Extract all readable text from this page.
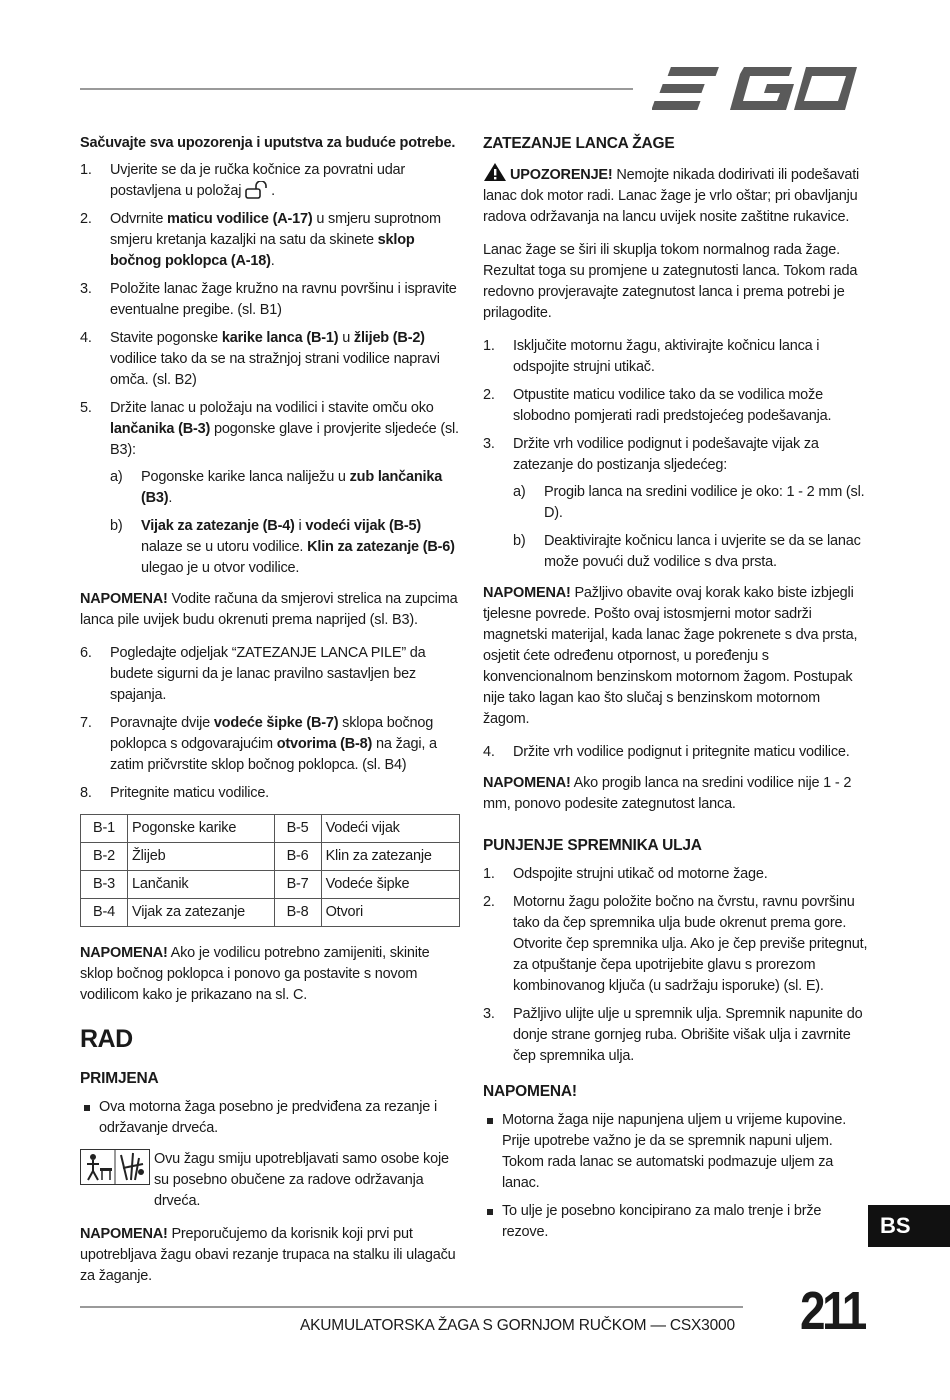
Sačuvajte sva upozorenja i uputstva za buduće potrebe.

1. Uvjerite se da je ručka kočnice za povratni udar postavljena u položaj .
2. Odvrnite maticu vodilice (A-17) u smjeru suprotnom smjeru kretanja kazaljki na satu da skinete sklop bočnog poklopca (A-18).
3. Položite lanac žage kružno na ravnu površinu i ispravite eventualne pregibe. (sl. B1)
4. Stavite pogonske karike lanca (B-1) u žlijeb (B-2) vodilice tako da se na stražnjoj strani vodilice napravi omča. (sl. B2)
5. Držite lanac u položaju na vodilici i stavite omču oko lančanika (B-3) pogonske glave i provjerite sljedeće (sl. B3):
a) Pogonske karike lanca naliježu u zub lančanika (B3).
b) Vijak za zatezanje (B-4) i vodeći vijak (B-5) nalaze se u utoru vodilice. Klin za zatezanje (B-6) ulegao je u otvor vodilice.

NAPOMENA! Vodite računa da smjerovi strelica na zupcima lanca pile uvijek budu okrenuti prema naprijed (sl. B3).

6. Pogledajte odjeljak “ZATEZANJE LANCA PILE” da budete sigurni da je lanac pravilno sastavljen bez spajanja.
7. Poravnajte dvije vodeće šipke (B-7) sklopa bočnog poklopca s odgovarajućim otvorima (B-8) na žagi, a zatim pričvrstite sklop bočnog poklopca. (sl. B4)
8. Pritegnite maticu vodilice.
B-1	Pogonske karike	B-5	Vodeći vijak
B-2	Žlijeb	B-6	Klin za zatezanje
B-3	Lančanik	B-7	Vodeće šipke
B-4	Vijak za zatezanje	B-8	Otvori

NAPOMENA! Ako je vodilicu potrebno zamijeniti, skinite sklop bočnog poklopca i ponovo ga postavite s novom vodilicom kako je prikazano na sl. C.

RAD
PRIMJENA
Ova motorna žaga posebno je predviđena za rezanje i održavanje drveća.
Ovu žagu smiju upotrebljavati samo osobe koje su posebno obučene za radove održavanja drveća.

NAPOMENA! Preporučujemo da korisnik koji prvi put upotrebljava žagu obavi rezanje trupaca na stalku ili ulagaču za žaganje.

ZATEZANJE LANCA ŽAGE
UPOZORENJE! Nemojte nikada dodirivati ili podešavati lanac dok motor radi. Lanac žage je vrlo oštar; pri obavljanju radova održavanja na lancu uvijek nosite zaštitne rukavice.

Lanac žage se širi ili skuplja tokom normalnog rada žage. Rezultat toga su promjene u zategnutosti lanca. Tokom rada redovno provjeravajte zategnutost lanca i prema potrebi je prilagodite.

1. Isključite motornu žagu, aktivirajte kočnicu lanca i odspojite strujni utikač.
2. Otpustite maticu vodilice tako da se vodilica može slobodno pomjerati radi predstojećeg podešavanja.
3. Držite vrh vodilice podignut i podešavajte vijak za zatezanje do postizanja sljedećeg:
a) Progib lanca na sredini vodilice je oko: 1 - 2 mm (sl. D).
b) Deaktivirajte kočnicu lanca i uvjerite se da se lanac može povući duž vodilice s dva prsta.

NAPOMENA! Pažljivo obavite ovaj korak kako biste izbjegli tjelesne povrede. Pošto ovaj istosmjerni motor sadrži magnetski materijal, kada lanac žage pokrenete s dva prsta, osjetit ćete određenu otpornost, u poređenju s konvencionalnom benzinskom motornom žagom. Postupak nije tako lagan kao što slučaj s benzinskom motornom žagom.

4. Držite vrh vodilice podignut i pritegnite maticu vodilice.

NAPOMENA! Ako progib lanca na sredini vodilice nije 1 - 2 mm, ponovo podesite zategnutost lanca.

PUNJENJE SPREMNIKA ULJA
1. Odspojite strujni utikač od motorne žage.
2. Motornu žagu položite bočno na čvrstu, ravnu površinu tako da čep spremnika ulja bude okrenut prema gore. Otvorite čep spremnika ulja. Ako je čep previše pritegnut, za otpuštanje čepa upotrijebite glavu s prorezom kombinovanog ključa (u sadržaju isporuke) (sl. E).
3. Pažljivo ulijte ulje u spremnik ulja. Spremnik napunite do donje strane gornjeg ruba. Obrišite višak ulja i zavrnite čep spremnika ulja.
NAPOMENA!
Motorna žaga nije napunjena uljem u vrijeme kupovine. Prije upotrebe važno je da se spremnik napuni uljem. Tokom rada lanac se automatski podmazuje uljem za lanac.
To ulje je posebno koncipirano za malo trenje i brže rezove.	BS
AKUMULATORSKA ŽAGA S GORNJOM RUČKOM — CSX3000 211
